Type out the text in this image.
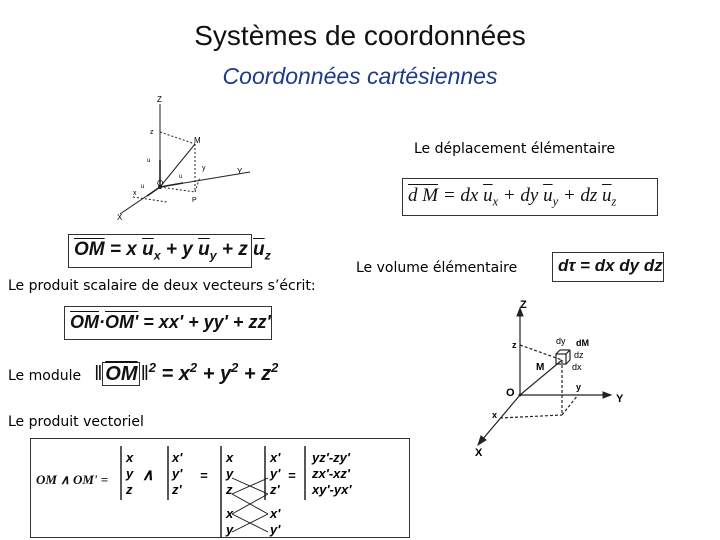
Systèmes de coordonnées
Coordonnées cartésiennes
Z
Y
X
O
M
P
z
y
x
u
u
u
$\overline{OM} = x$ $\overline{u}_x + y$ $\overline{u}_y + z$ $\overline{u}_z$
Le produit scalaire de deux vecteurs s’écrit:
$\overline{OM}\cdot OM' = xx' + yy' + zz'$
Le module ‖ $\overline{OM}$ ‖$^2$ = $x^2 + y^2 + z^2$
Le produit vectoriel
OM ∧ OM' =
x
y
z
∧
x'
y'
z'
=
x
y
z
x
y
x'
y'
z'
x'
y'
=
yz'-zy'
zx'-xz'
xy'-yx'
Le déplacement élémentaire
d M = dx $\overline{u}_x$ + dy $\overline{u}_y$ + dz $\overline{u}_z$
Le volume élémentaire dτ = dx dy dz
Z
Y
X
O
M
z
y
x
dM
dy
dz
dx
